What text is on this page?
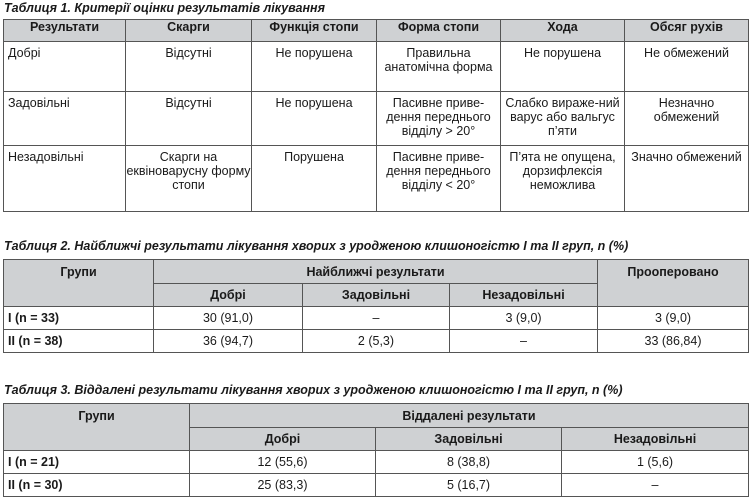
Таблиця 1. Критерії оцінки результатів лікування
Результати	Скарги	Функція стопи	Форма стопи	Хода	Обсяг рухів
Добрі	Відсутні	Не порушена	Правильна анатомічна форма	Не порушена	Не обмежений
Задовільні	Відсутні	Не порушена	Пасивне приве-дення переднього відділу > 20°	Слабко вираже-ний варус або вальгус п’яти	Незначно обмежений
Незадовільні	Скарги на еквіноварусну форму стопи	Порушена	Пасивне приве-дення переднього відділу < 20°	П’ята не опущена, дорзифлексія неможлива	Значно обмежений
Таблиця 2. Найближчі результати лікування хворих з уродженою клишоногістю I та II груп, n (%)
Групи	Найближчі результати			Прооперовано
	Добрі	Задовільні	Незадовільні	
I (n = 33)	30 (91,0)	–	3 (9,0)	3 (9,0)
II (n = 38)	36 (94,7)	2 (5,3)	–	33 (86,84)
Таблиця 3. Віддалені результати лікування хворих з уродженою клишоногістю I та II груп, n (%)
Групи	Віддалені результати		
	Добрі	Задовільні	Незадовільні
I (n = 21)	12 (55,6)	8 (38,8)	1 (5,6)
II (n = 30)	25 (83,3)	5 (16,7)	–
